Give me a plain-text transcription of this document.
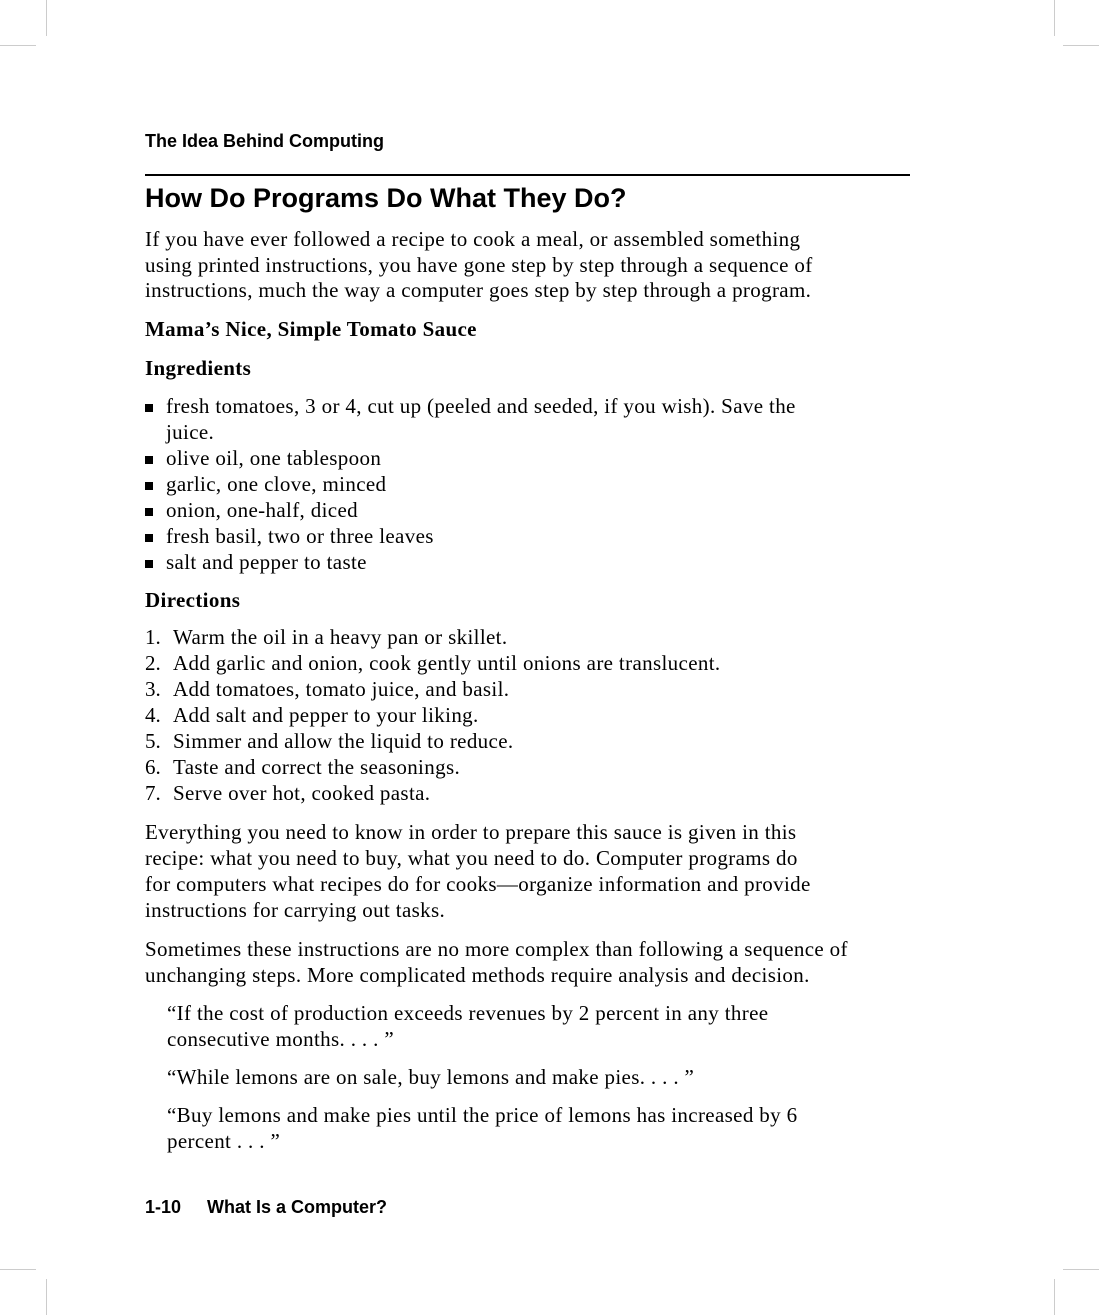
The Idea Behind Computing
How Do Programs Do What They Do?
If you have ever followed a recipe to cook a meal, or assembled something
using printed instructions, you have gone step by step through a sequence of
instructions, much the way a computer goes step by step through a program.
Mama’s Nice, Simple Tomato Sauce
Ingredients
fresh tomatoes, 3 or 4, cut up (peeled and seeded, if you wish). Save the
juice.
olive oil, one tablespoon
garlic, one clove, minced
onion, one-half, diced
fresh basil, two or three leaves
salt and pepper to taste
Directions
1. Warm the oil in a heavy pan or skillet.
2. Add garlic and onion, cook gently until onions are translucent.
3. Add tomatoes, tomato juice, and basil.
4. Add salt and pepper to your liking.
5. Simmer and allow the liquid to reduce.
6. Taste and correct the seasonings.
7. Serve over hot, cooked pasta.
Everything you need to know in order to prepare this sauce is given in this
recipe: what you need to buy, what you need to do. Computer programs do
for computers what recipes do for cooks—organize information and provide
instructions for carrying out tasks.
Sometimes these instructions are no more complex than following a sequence of
unchanging steps. More complicated methods require analysis and decision.
“If the cost of production exceeds revenues by 2 percent in any three
consecutive months. . . . ”
“While lemons are on sale, buy lemons and make pies. . . . ”
“Buy lemons and make pies until the price of lemons has increased by 6
percent . . . ”
1-10 What Is a Computer?
